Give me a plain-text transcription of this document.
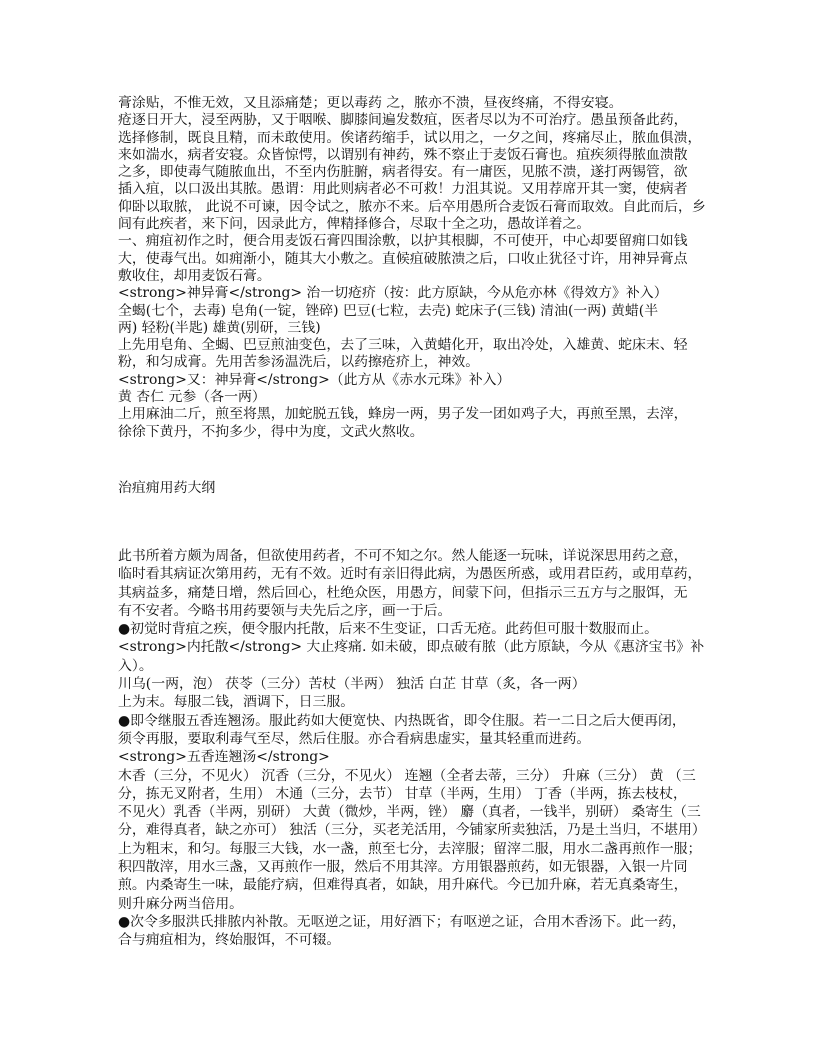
膏涂贴，不惟无效，又且添痛楚；更以毒药 之，脓亦不溃，昼夜终痛，不得安寝。
疮逐日开大，浸至两胁，又于咽喉、脚膝间遍发数疽，医者尽以为不可治疗。愚虽预备此药，
选择修制，既良且精，而未敢使用。俟诸药缩手，试以用之，一夕之间，疼痛尽止，脓血俱溃，
来如湍水，病者安寝。众皆惊愕，以谓别有神药，殊不察止于麦饭石膏也。疽疾须得脓血溃散
之多，即使毒气随脓血出，不至内伤脏腑，病者得安。有一庸医，见脓不溃，遂打两锡管，欲
插入疽，以口汲出其脓。愚谓：用此则病者必不可救！力沮其说。又用荐席开其一窦，使病者
仰卧以取脓， 此说不可谏，因令试之，脓亦不来。后卒用愚所合麦饭石膏而取效。自此而后，乡
闾有此疾者，来下问，因录此方，俾精择修合，尽取十全之功，愚故详着之。
一、痈疽初作之时，便合用麦饭石膏四围涂敷，以护其根脚，不可使开，中心却要留痈口如钱
大，使毒气出。如痈渐小，随其大小敷之。直候疽破脓溃之后，口收止犹径寸许，用神异膏点
敷收住，却用麦饭石膏。
<strong>神异膏</strong> 治一切疮疥（按：此方原缺，今从危亦林《得效方》补入）
全蝎(七个，去毒) 皂角(一锭，锉碎) 巴豆(七粒，去壳) 蛇床子(三钱) 清油(一两) 黄蜡(半
两) 轻粉(半匙) 雄黄(别研，三钱)
上先用皂角、全蝎、巴豆煎油变色，去了三味，入黄蜡化开，取出冷处，入雄黄、蛇床末、轻
粉，和匀成膏。先用苦参汤温洗后，以药擦疮疥上，神效。
<strong>又：神异膏</strong>（此方从《赤水元珠》补入）
黄 杏仁 元参（各一两）
上用麻油二斤，煎至将黑，加蛇脱五钱，蜂房一两，男子发一团如鸡子大，再煎至黑，去滓，
徐徐下黄丹，不拘多少，得中为度，文武火熬收。
治疽痈用药大纲
此书所着方颇为周备，但欲使用药者，不可不知之尔。然人能逐一玩味，详说深思用药之意，
临时看其病证次第用药，无有不效。近时有亲旧得此病，为愚医所惑，或用君臣药，或用草药，
其病益多，痛楚日增，然后回心，杜绝众医，用愚方，间蒙下问，但指示三五方与之服饵，无
有不安者。今略书用药要领与夫先后之序，画一于后。
●初觉时背疽之疾，便令服内托散，后来不生变证，口舌无疮。此药但可服十数服而止。
<strong>内托散</strong> 大止疼痛. 如未破，即点破有脓（此方原缺，今从《惠济宝书》补
入）。
川乌(一两，泡） 茯苓（三分）苦杖（半两） 独活 白芷 甘草（炙，各一两）
上为末。每服二钱，酒调下，日三服。
●即令继服五香连翘汤。服此药如大便宽快、内热既省，即令住服。若一二日之后大便再闭，
须令再服，要取利毒气至尽，然后住服。亦合看病患虚实，量其轻重而进药。
<strong>五香连翘汤</strong>
木香（三分，不见火） 沉香（三分，不见火） 连翘（全者去蒂，三分） 升麻（三分） 黄 （三
分，拣无叉附者，生用） 木通（三分，去节） 甘草（半两，生用） 丁香（半两，拣去枝杖，
不见火）乳香（半两，别研） 大黄（微炒，半两，锉） 麝（真者，一钱半，别研） 桑寄生（三
分，难得真者，缺之亦可） 独活（三分，买老羌活用，今铺家所卖独活，乃是土当归，不堪用）
上为粗末，和匀。每服三大钱，水一盏，煎至七分，去滓服；留滓二服，用水二盏再煎作一服；
积四散滓，用水三盏，又再煎作一服，然后不用其滓。方用银器煎药，如无银器，入银一片同
煎。内桑寄生一味，最能疗病，但难得真者，如缺，用升麻代。今已加升麻，若无真桑寄生，
则升麻分两当倍用。
●次令多服洪氏排脓内补散。无呕逆之证，用好酒下；有呕逆之证，合用木香汤下。此一药，
合与痈疽相为，终始服饵，不可辍。
